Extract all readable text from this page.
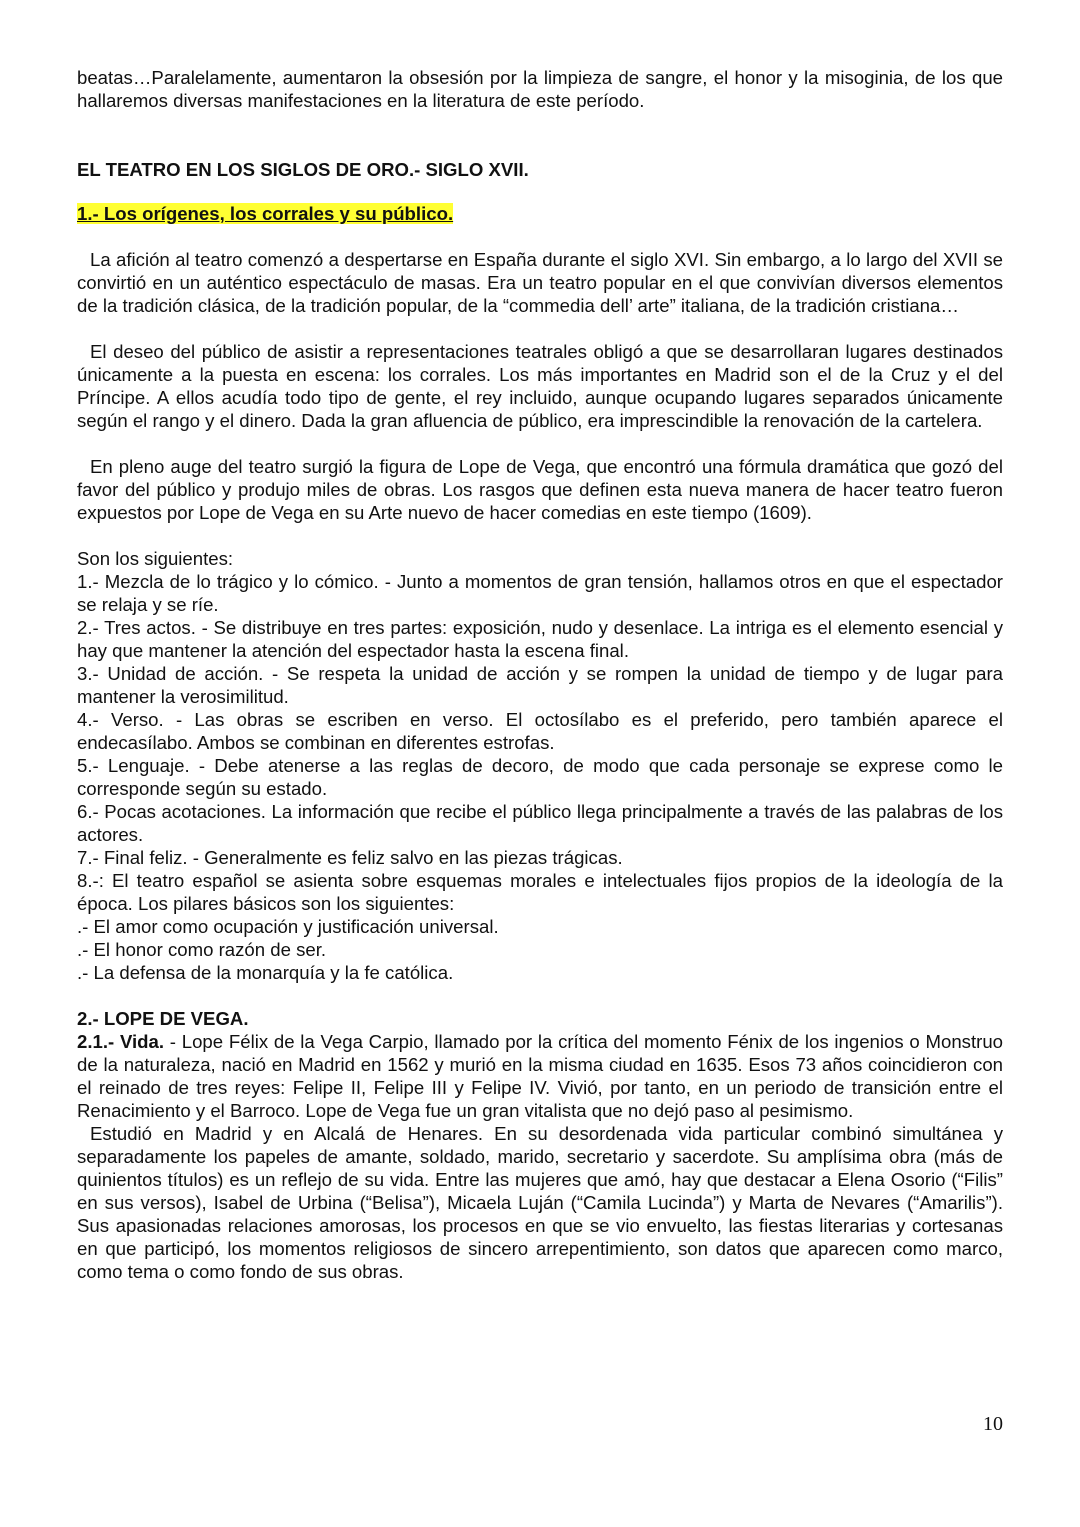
beatas…Paralelamente, aumentaron la obsesión por la limpieza de sangre, el honor y la misoginia, de los que hallaremos diversas manifestaciones en la literatura de este período.

EL TEATRO EN LOS SIGLOS DE ORO.- SIGLO XVII.

1.- Los orígenes, los corrales y su público.

La afición al teatro comenzó a despertarse en España durante el siglo XVI. Sin embargo, a lo largo del XVII se convirtió en un auténtico espectáculo de masas. Era un teatro popular en el que convivían diversos elementos de la tradición clásica, de la tradición popular, de la “commedia dell’ arte” italiana, de la tradición cristiana…

El deseo del público de asistir a representaciones teatrales obligó a que se desarrollaran lugares destinados únicamente a la puesta en escena: los corrales. Los más importantes en Madrid son el de la Cruz y el del Príncipe. A ellos acudía todo tipo de gente, el rey incluido, aunque ocupando lugares separados únicamente según el rango y el dinero. Dada la gran afluencia de público, era imprescindible la renovación de la cartelera.

En pleno auge del teatro surgió la figura de Lope de Vega, que encontró una fórmula dramática que gozó del favor del público y produjo miles de obras. Los rasgos que definen esta nueva manera de hacer teatro fueron expuestos por Lope de Vega en su Arte nuevo de hacer comedias en este tiempo (1609).

Son los siguientes:

1.- Mezcla de lo trágico y lo cómico. - Junto a momentos de gran tensión, hallamos otros en que el espectador se relaja y se ríe.

2.- Tres actos. - Se distribuye en tres partes: exposición, nudo y desenlace. La intriga es el elemento esencial y hay que mantener la atención del espectador hasta la escena final.

3.- Unidad de acción. - Se respeta la unidad de acción y se rompen la unidad de tiempo y de lugar para mantener la verosimilitud.

4.- Verso. - Las obras se escriben en verso. El octosílabo es el preferido, pero también aparece el endecasílabo. Ambos se combinan en diferentes estrofas.

5.- Lenguaje. - Debe atenerse a las reglas de decoro, de modo que cada personaje se exprese como le corresponde según su estado.

6.- Pocas acotaciones. La información que recibe el público llega principalmente a través de las palabras de los actores.

7.- Final feliz. - Generalmente es feliz salvo en las piezas trágicas.

8.-: El teatro español se asienta sobre esquemas morales e intelectuales fijos propios de la ideología de la época. Los pilares básicos son los siguientes:

.- El amor como ocupación y justificación universal.

.- El honor como razón de ser.

.- La defensa de la monarquía y la fe católica.

2.- LOPE DE VEGA.

2.1.- Vida. - Lope Félix de la Vega Carpio, llamado por la crítica del momento Fénix de los ingenios o Monstruo de la naturaleza, nació en Madrid en 1562 y murió en la misma ciudad en 1635. Esos 73 años coincidieron con el reinado de tres reyes: Felipe II, Felipe III y Felipe IV. Vivió, por tanto, en un periodo de transición entre el Renacimiento y el Barroco. Lope de Vega fue un gran vitalista que no dejó paso al pesimismo.

Estudió en Madrid y en Alcalá de Henares. En su desordenada vida particular combinó simultánea y separadamente los papeles de amante, soldado, marido, secretario y sacerdote. Su amplísima obra (más de quinientos títulos) es un reflejo de su vida. Entre las mujeres que amó, hay que destacar a Elena Osorio (“Filis” en sus versos), Isabel de Urbina (“Belisa”), Micaela Luján (“Camila Lucinda”) y Marta de Nevares (“Amarilis”). Sus apasionadas relaciones amorosas, los procesos en que se vio envuelto, las fiestas literarias y cortesanas en que participó, los momentos religiosos de sincero arrepentimiento, son datos que aparecen como marco, como tema o como fondo de sus obras.

10
